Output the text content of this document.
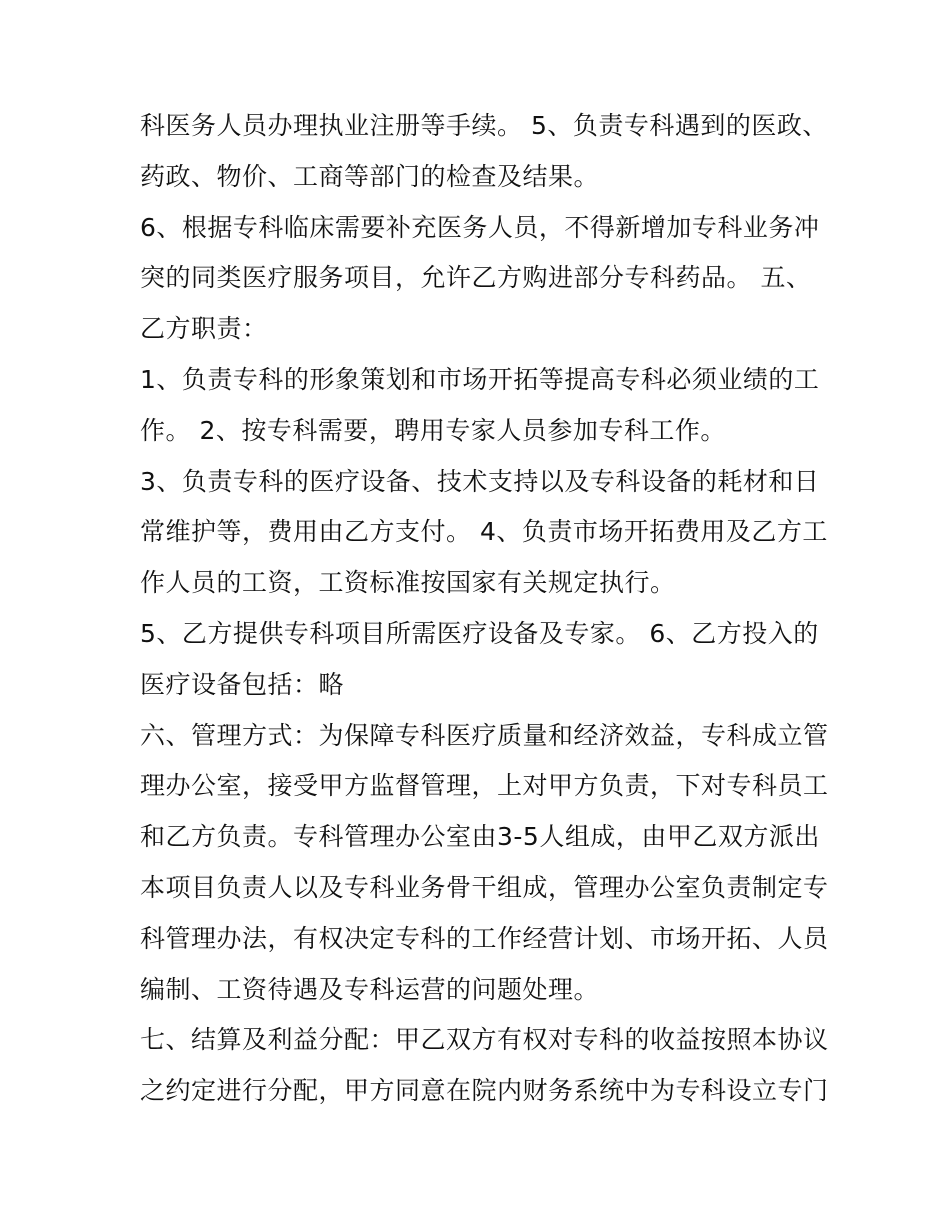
科医务人员办理执业注册等手续。 5、负责专科遇到的医政、
药政、物价、工商等部门的检查及结果。
6、根据专科临床需要补充医务人员，不得新增加专科业务冲
突的同类医疗服务项目，允许乙方购进部分专科药品。 五、
乙方职责：
1、负责专科的形象策划和市场开拓等提高专科必须业绩的工
作。 2、按专科需要，聘用专家人员参加专科工作。
3、负责专科的医疗设备、技术支持以及专科设备的耗材和日
常维护等，费用由乙方支付。 4、负责市场开拓费用及乙方工
作人员的工资，工资标准按国家有关规定执行。
5、乙方提供专科项目所需医疗设备及专家。 6、乙方投入的
医疗设备包括：略
六、管理方式：为保障专科医疗质量和经济效益，专科成立管
理办公室，接受甲方监督管理，上对甲方负责，下对专科员工
和乙方负责。专科管理办公室由3-5人组成，由甲乙双方派出
本项目负责人以及专科业务骨干组成，管理办公室负责制定专
科管理办法，有权决定专科的工作经营计划、市场开拓、人员
编制、工资待遇及专科运营的问题处理。
七、结算及利益分配：甲乙双方有权对专科的收益按照本协议
之约定进行分配，甲方同意在院内财务系统中为专科设立专门
